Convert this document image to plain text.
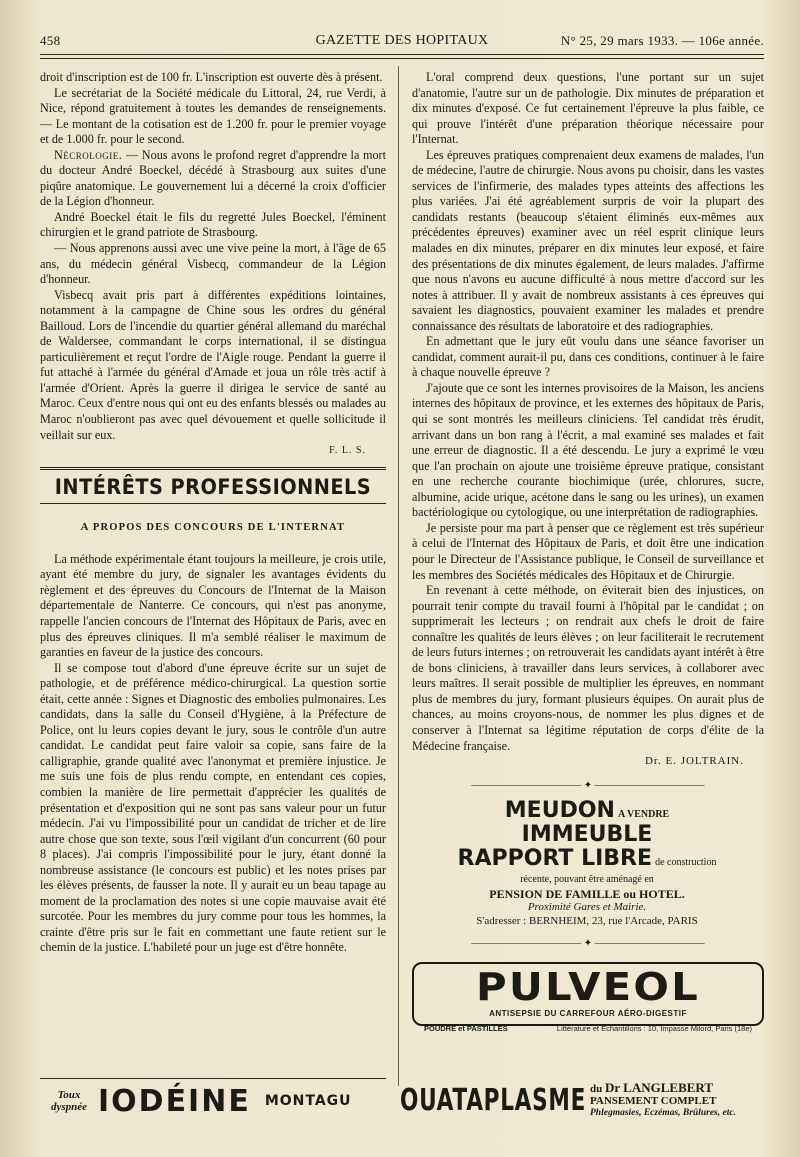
458	GAZETTE DES HOPITAUX	N° 25, 29 mars 1933. — 106e année.

droit d'inscription est de 100 fr. L'inscription est ouverte dès à présent.

Le secrétariat de la Société médicale du Littoral, 24, rue Verdi, à Nice, répond gratuitement à toutes les demandes de renseignements. — Le montant de la cotisation est de 1.200 fr. pour le premier voyage et de 1.000 fr. pour le second.

Nécrologie. — Nous avons le profond regret d'apprendre la mort du docteur André Boeckel, décédé à Strasbourg aux suites d'une piqûre anatomique. Le gouvernement lui a décerné la croix d'officier de la Légion d'honneur.

André Boeckel était le fils du regretté Jules Boeckel, l'éminent chirurgien et le grand patriote de Strasbourg.

— Nous apprenons aussi avec une vive peine la mort, à l'âge de 65 ans, du médecin général Visbecq, commandeur de la Légion d'honneur.

Visbecq avait pris part à différentes expéditions lointaines, notamment à la campagne de Chine sous les ordres du général Bailloud. Lors de l'incendie du quartier général allemand du maréchal de Waldersee, commandant le corps international, il se distingua particulièrement et reçut l'ordre de l'Aigle rouge. Pendant la guerre il fut attaché à l'armée du général d'Amade et joua un rôle très actif à l'armée d'Orient. Après la guerre il dirigea le service de santé au Maroc. Ceux d'entre nous qui ont eu des enfants blessés ou malades au Maroc n'oublieront pas avec quel dévouement et quelle sollicitude il veillait sur eux.

F. L. S.
INTÉRÊTS PROFESSIONNELS
A PROPOS DES CONCOURS DE L'INTERNAT

La méthode expérimentale étant toujours la meilleure, je crois utile, ayant été membre du jury, de signaler les avantages évidents du règlement et des épreuves du Concours de l'Internat de la Maison départementale de Nanterre. Ce concours, qui n'est pas anonyme, rappelle l'ancien concours de l'Internat des Hôpitaux de Paris, avec en plus des épreuves cliniques. Il m'a semblé réaliser le maximum de garanties en faveur de la justice des concours.

Il se compose tout d'abord d'une épreuve écrite sur un sujet de pathologie, et de préférence médico-chirurgical. La question sortie était, cette année : Signes et Diagnostic des embolies pulmonaires. Les candidats, dans la salle du Conseil d'Hygiène, à la Préfecture de Police, ont lu leurs copies devant le jury, sous le contrôle d'un autre candidat. Le candidat peut faire valoir sa copie, sans faire de la calligraphie, grande qualité avec l'anonymat et première injustice. Je me suis une fois de plus rendu compte, en entendant ces copies, combien la manière de lire permettait d'apprécier les qualités de présentation et d'exposition qui ne sont pas sans valeur pour un futur médecin. J'ai vu l'impossibilité pour un candidat de tricher et de lire autre chose que son texte, sous l'œil vigilant d'un concurrent (60 pour 8 places). J'ai compris l'impossibilité pour le jury, étant donné la nombreuse assistance (le concours est public) et les notes prises par les élèves présents, de fausser la note. Il y aurait eu un beau tapage au moment de la proclamation des notes si une copie mauvaise avait été surcotée. Pour les membres du jury comme pour tous les hommes, la crainte d'être pris sur le fait en commettant une faute retient sur le chemin de la justice. L'habileté pour un juge est d'être honnête.

L'oral comprend deux questions, l'une portant sur un sujet d'anatomie, l'autre sur un de pathologie. Dix minutes de préparation et dix minutes d'exposé. Ce fut certainement l'épreuve la plus faible, ce qui prouve l'intérêt d'une préparation théorique nécessaire pour l'Internat.

Les épreuves pratiques comprenaient deux examens de malades, l'un de médecine, l'autre de chirurgie. Nous avons pu choisir, dans les vastes services de l'infirmerie, des malades types atteints des affections les plus variées. J'ai été agréablement surpris de voir la plupart des candidats restants (beaucoup s'étaient éliminés eux-mêmes aux précédentes épreuves) examiner avec un réel esprit clinique leurs malades en dix minutes, préparer en dix minutes leur exposé, et faire des présentations de dix minutes également, de leurs malades. J'affirme que nous n'avons eu aucune difficulté à nous mettre d'accord sur les notes à attribuer. Il y avait de nombreux assistants à ces épreuves qui savaient les diagnostics, pouvaient examiner les malades et prendre connaissance des résultats de laboratoire et des radiographies.

En admettant que le jury eût voulu dans une séance favoriser un candidat, comment aurait-il pu, dans ces conditions, continuer à le faire à chaque nouvelle épreuve ?

J'ajoute que ce sont les internes provisoires de la Maison, les anciens internes des hôpitaux de province, et les externes des hôpitaux de Paris, qui se sont montrés les meilleurs cliniciens. Tel candidat très érudit, arrivant dans un bon rang à l'écrit, a mal examiné ses malades et fait une erreur de diagnostic. Il a été descendu. Le jury a exprimé le vœu que l'an prochain on ajoute une troisième épreuve pratique, consistant en une recherche courante biochimique (urée, chlorures, sucre, albumine, acide urique, acétone dans le sang ou les urines), un examen bactériologique ou cytologique, ou une interprétation de radiographies.

Je persiste pour ma part à penser que ce règlement est très supérieur à celui de l'Internat des Hôpitaux de Paris, et doit être une indication pour le Directeur de l'Assistance publique, le Conseil de surveillance et les membres des Sociétés médicales des Hôpitaux et de Chirurgie.

En revenant à cette méthode, on éviterait bien des injustices, on pourrait tenir compte du travail fourni à l'hôpital par le candidat ; on supprimerait les lecteurs ; on rendrait aux chefs le droit de faire connaître les qualités de leurs élèves ; on leur faciliterait le recrutement de leurs futurs internes ; on retrouverait les candidats ayant intérêt à être de bons cliniciens, à travailler dans leurs services, à collaborer avec leurs maîtres. Il serait possible de multiplier les épreuves, en nommant plus de membres du jury, formant plusieurs équipes. On aurait plus de chances, au moins croyons-nous, de nommer les plus dignes et de conserver à l'Internat sa légitime réputation de corps d'élite de la Médecine française.

Dr. E. JOLTRAIN.
——————————— ✦ ———————————
MEUDON A VENDRE IMMEUBLE
RAPPORT LIBRE de construction récente, pouvant être aménagé en
PENSION DE FAMILLE ou HOTEL.
Proximité Gares et Mairie.
S'adresser : BERNHEIM, 23, rue l'Arcade, PARIS
——————————— ✦ ———————————
PULVEOL
ANTISEPSIE DU CARREFOUR AÉRO-DIGESTIF
POUDRE et PASTILLES	Littérature et Échantillons : 10, Impasse Milord, Paris (18e)
Toux
dyspnée IODÉINE MONTAGU OUATAPLASME du Dr LANGLEBERT
PANSEMENT COMPLET
Phlegmasies, Eczémas, Brûlures, etc.
